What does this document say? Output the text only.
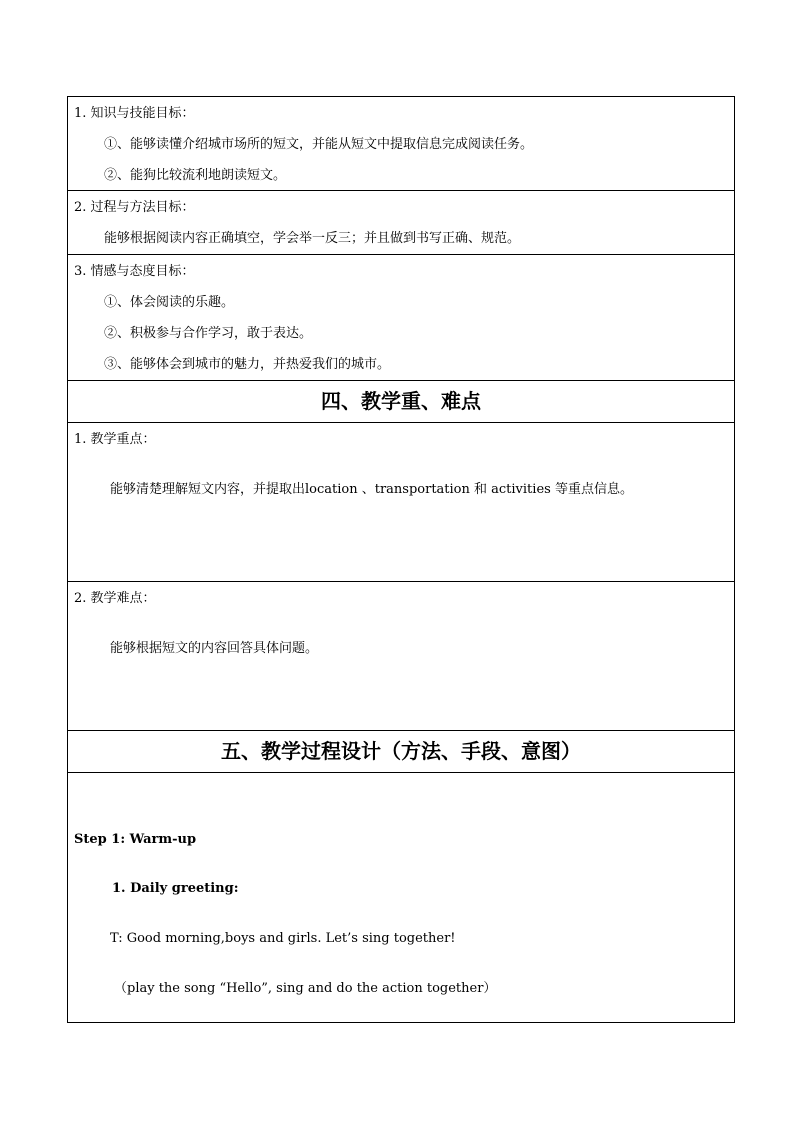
1. 知识与技能目标：
①、能够读懂介绍城市场所的短文，并能从短文中提取信息完成阅读任务。
②、能狗比较流利地朗读短文。
2. 过程与方法目标：
能够根据阅读内容正确填空，学会举一反三；并且做到书写正确、规范。
3. 情感与态度目标：
①、体会阅读的乐趣。
②、积极参与合作学习，敢于表达。
③、能够体会到城市的魅力，并热爱我们的城市。
四、教学重、难点
1. 教学重点：
能够清楚理解短文内容，并提取出location 、transportation 和 activities 等重点信息。
2. 教学难点：
能够根据短文的内容回答具体问题。
五、教学过程设计（方法、手段、意图）
Step 1: Warm-up
1. Daily greeting:
T: Good morning,boys and girls. Let’s sing together!
（play the song “Hello”, sing and do the action together）
